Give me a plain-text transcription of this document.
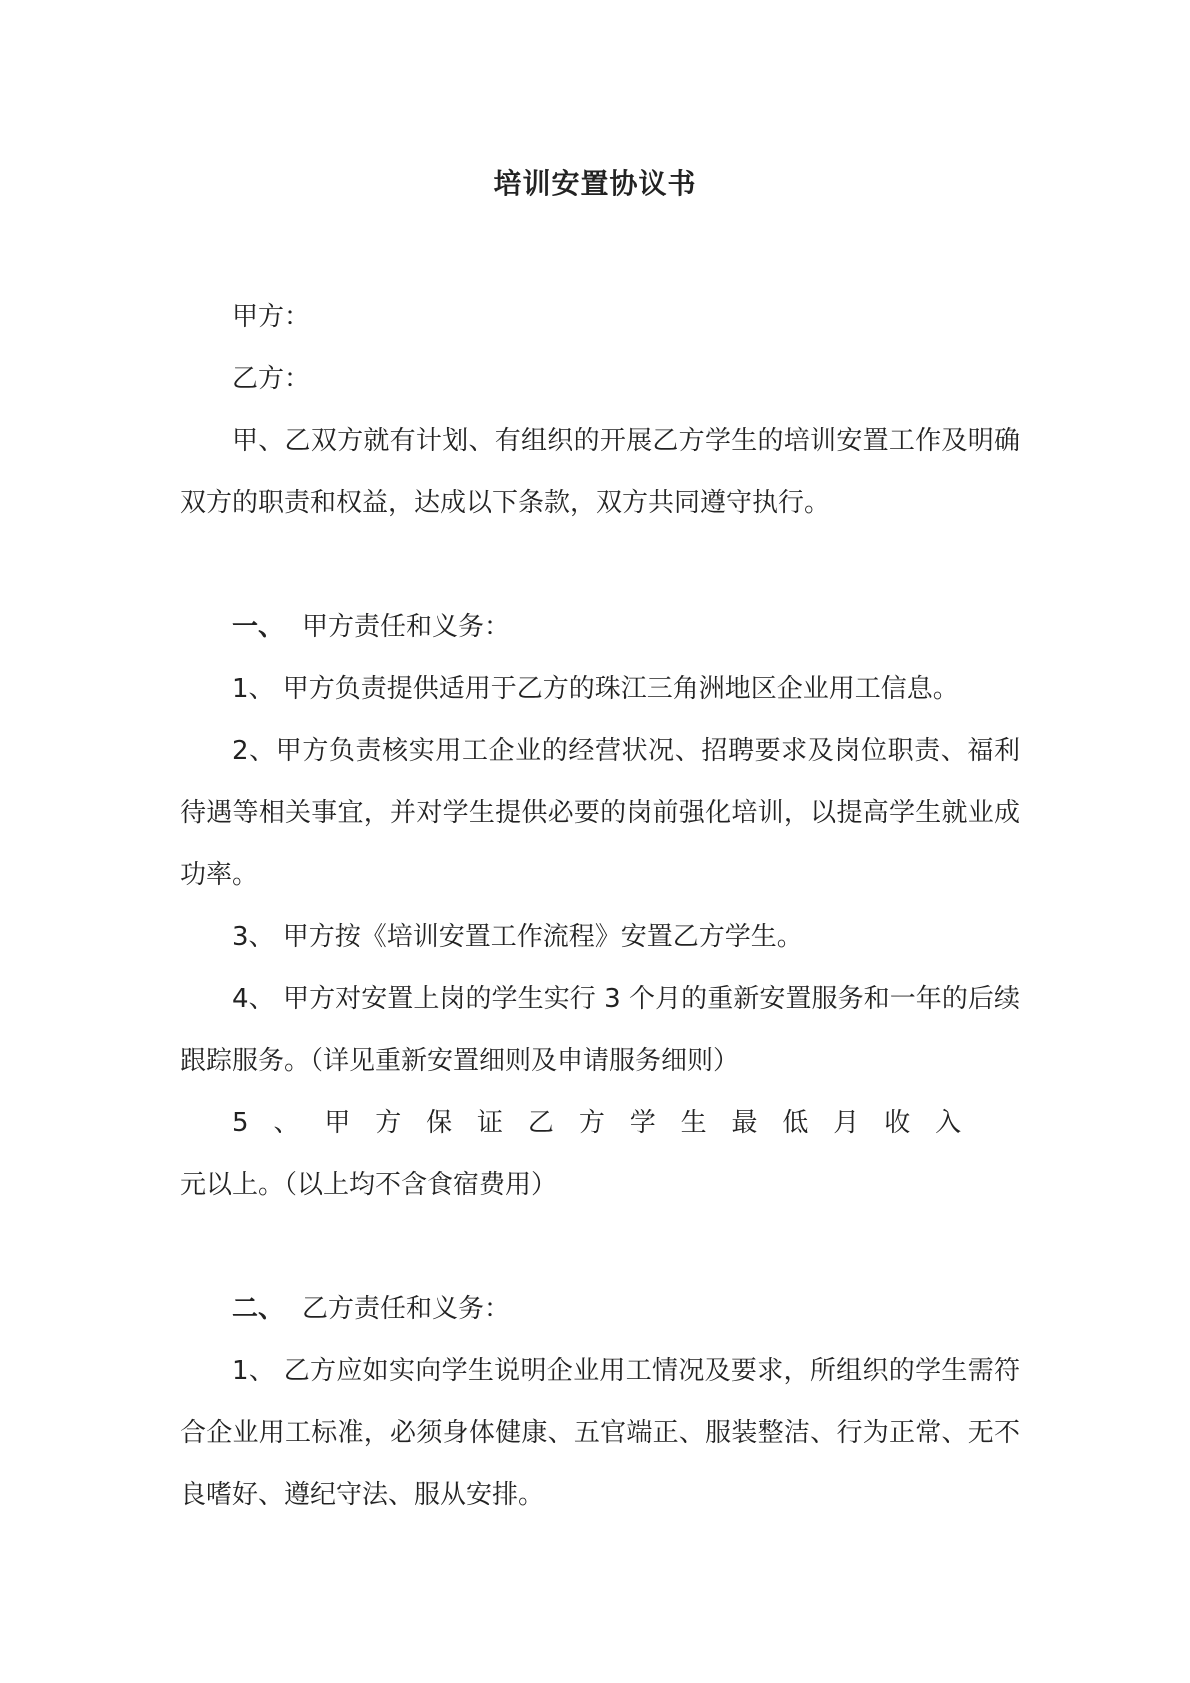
培训安置协议书

甲方：

乙方：

甲、乙双方就有计划、有组织的开展乙方学生的培训安置工作及明确双方的职责和权益，达成以下条款，双方共同遵守执行。

一、 甲方责任和义务：

1、 甲方负责提供适用于乙方的珠江三角洲地区企业用工信息。

2、甲方负责核实用工企业的经营状况、招聘要求及岗位职责、福利待遇等相关事宜，并对学生提供必要的岗前强化培训，以提高学生就业成功率。

3、 甲方按《培训安置工作流程》安置乙方学生。

4、 甲方对安置上岗的学生实行 3 个月的重新安置服务和一年的后续跟踪服务。（详见重新安置细则及申请服务细则）

5、甲方保证乙方学生最低月收入元以上。（以上均不含食宿费用）

二、 乙方责任和义务：

1、 乙方应如实向学生说明企业用工情况及要求，所组织的学生需符合企业用工标准，必须身体健康、五官端正、服装整洁、行为正常、无不良嗜好、遵纪守法、服从安排。
